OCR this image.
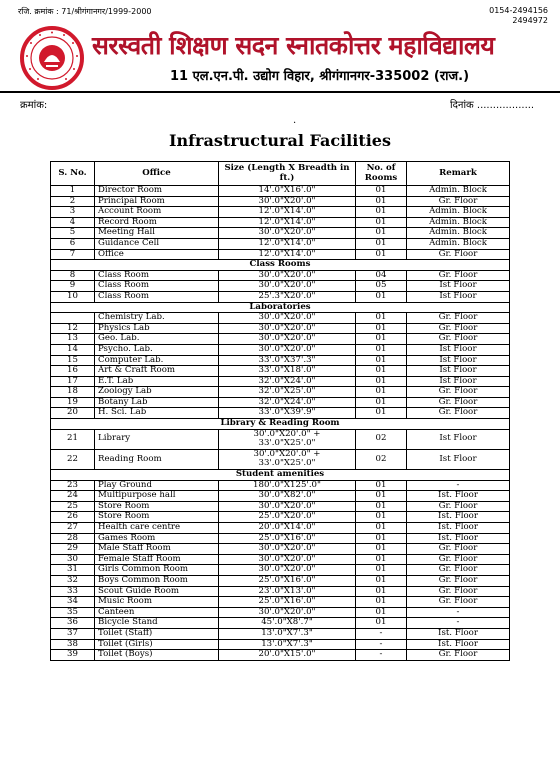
रजि. क्रमांक : 71/श्रीगंगानगर/1999-2000	0154-2494156
2494972
सरस्वती शिक्षण सदन स्नातकोत्तर महाविद्यालय
11 एल.एन.पी. उद्योग विहार, श्रीगंगानगर-335002 (राज.)
क्रमांक:	दिनांक ..................
.
Infrastructural Facilities
S. No.	Office	Size (Length X Breadth in ft.)	No. of Rooms	Remark
1	Director Room	14'.0"X16'.0"	01	Admin. Block
2	Principal Room	30'.0"X20'.0"	01	Gr. Floor
3	Account Room	12'.0"X14'.0"	01	Admin. Block
4	Record Room	12'.0"X14'.0"	01	Admin. Block
5	Meeting Hall	30'.0"X20'.0"	01	Admin. Block
6	Guidance Cell	12'.0"X14'.0"	01	Admin. Block
7	Office	12'.0"X14'.0"	01	Gr. Floor
Class Rooms				
8	Class Room	30'.0"X20'.0"	04	Gr. Floor
9	Class Room	30'.0"X20'.0"	05	Ist Floor
10	Class Room	25'.3"X20'.0"	01	Ist Floor
Laboratories				
	Chemistry Lab.	30'.0"X20'.0"	01	Gr. Floor
12	Physics Lab	30'.0"X20'.0"	01	Gr. Floor
13	Geo. Lab.	30'.0"X20'.0"	01	Gr. Floor
14	Psycho. Lab.	30'.0"X20'.0"	01	Ist Floor
15	Computer Lab.	33'.0"X37'.3"	01	Ist Floor
16	Art & Craft Room	33'.0"X18'.0"	01	Ist Floor
17	E.T. Lab	32'.0"X24'.0"	01	Ist Floor
18	Zoology Lab	32'.0"X25'.0"	01	Gr. Floor
19	Botany Lab	32'.0"X24'.0"	01	Gr. Floor
20	H. Sci. Lab	33'.0"X39'.9"	01	Gr. Floor
Library & Reading Room				
21	Library	30'.0"X20'.0" +
33'.0"X25'.0"	02	Ist Floor
22	Reading Room	30'.0"X20'.0" +
33'.0"X25'.0"	02	Ist Floor
Student amenities				
23	Play Ground	180'.0"X125'.0"	01	-
24	Multipurpose hall	30'.0"X82'.0"	01	Ist. Floor
25	Store Room	30'.0"X20'.0"	01	Gr. Floor
26	Store Room	25'.0"X20'.0"	01	Ist. Floor
27	Health care centre	20'.0"X14'.0"	01	Ist. Floor
28	Games Room	25'.0"X16'.0"	01	Ist. Floor
29	Male Staff Room	30'.0"X20'.0"	01	Gr. Floor
30	Female Staff Room	30'.0"X20'.0"	01	Gr. Floor
31	Girls Common Room	30'.0"X20'.0"	01	Gr. Floor
32	Boys Common Room	25'.0"X16'.0"	01	Gr. Floor
33	Scout Guide Room	23'.0"X13'.0"	01	Gr. Floor
34	Music Room	25'.0"X16'.0"	01	Gr. Floor
35	Canteen	30'.0"X20'.0"	01	-
36	Bicycle Stand	45'.0"X8'.7"	01	-
37	Toilet (Staff)	13'.0"X7'.3"	-	Ist. Floor
38	Toilet (Girls)	13'.0"X7'.3"	-	Ist. Floor
39	Toilet (Boys)	20'.0"X15'.0"	-	Gr. Floor
